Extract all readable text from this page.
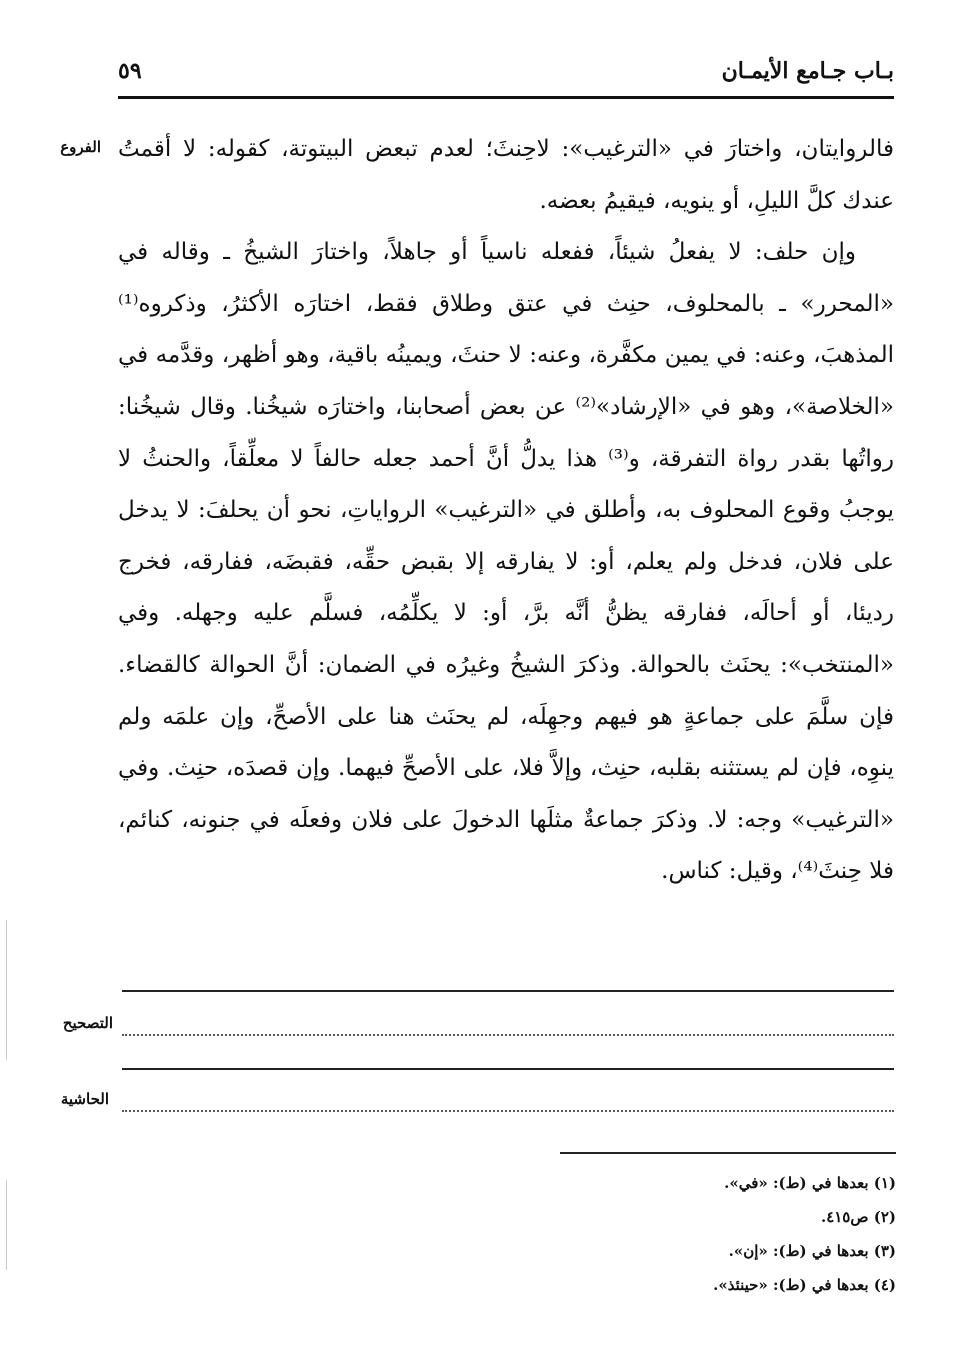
بـاب جـامع الأيمـان
٥٩
الفروع فالروايتان، واختارَ في «الترغيب»: لاحِنثَ؛ لعدم تبعض البيتوتة، كقوله: لا أقمتُ عندك كلَّ الليلِ، أو ينويه، فيقيمُ بعضه.

وإن حلف: لا يفعلُ شيئاً، ففعله ناسياً أو جاهلاً، واختارَ الشيخُ ـ وقاله في «المحرر» ـ بالمحلوف، حنِث في عتق وطلاق فقط، اختارَه الأكثرُ، وذكروه⁽¹⁾ المذهبَ، وعنه: في يمين مكفَّرة، وعنه: لا حنثَ، ويمينُه باقية، وهو أظهر، وقدَّمه في «الخلاصة»، وهو في «الإرشاد»⁽²⁾ عن بعض أصحابنا، واختارَه شيخُنا. وقال شيخُنا: رواتُها بقدر رواة التفرقة، و⁽³⁾ هذا يدلُّ أنَّ أحمد جعله حالفاً لا معلِّقاً، والحنثُ لا يوجبُ وقوع المحلوف به، وأطلق في «الترغيب» الرواياتِ، نحو أن يحلفَ: لا يدخل على فلان، فدخل ولم يعلم، أو: لا يفارقه إلا بقبض حقِّه، فقبضَه، ففارقه، فخرج رديئا، أو أحالَه، ففارقه يظنُّ أنَّه برَّ، أو: لا يكلِّمُه، فسلَّم عليه وجهله. وفي «المنتخب»: يحنَث بالحوالة. وذكرَ الشيخُ وغيرُه في الضمان: أنَّ الحوالة كالقضاء. فإن سلَّمَ على جماعةٍ هو فيهم وجهِلَه، لم يحنَث هنا على الأصحِّ، وإن علمَه ولم ينوِه، فإن لم يستثنه بقلبه، حنِث، وإلاَّ فلا، على الأصحِّ فيهما. وإن قصدَه، حنِث. وفي «الترغيب» وجه: لا. وذكرَ جماعةٌ مثلَها الدخولَ على فلان وفعلَه في جنونه، كنائم، فلا حِنثَ⁽⁴⁾، وقيل: كناس.

التصحيح
الحاشية
(١) بعدها في (ط): «في».
(٢) ص٤١٥.
(٣) بعدها في (ط): «إن».
(٤) بعدها في (ط): «حينئذ».
